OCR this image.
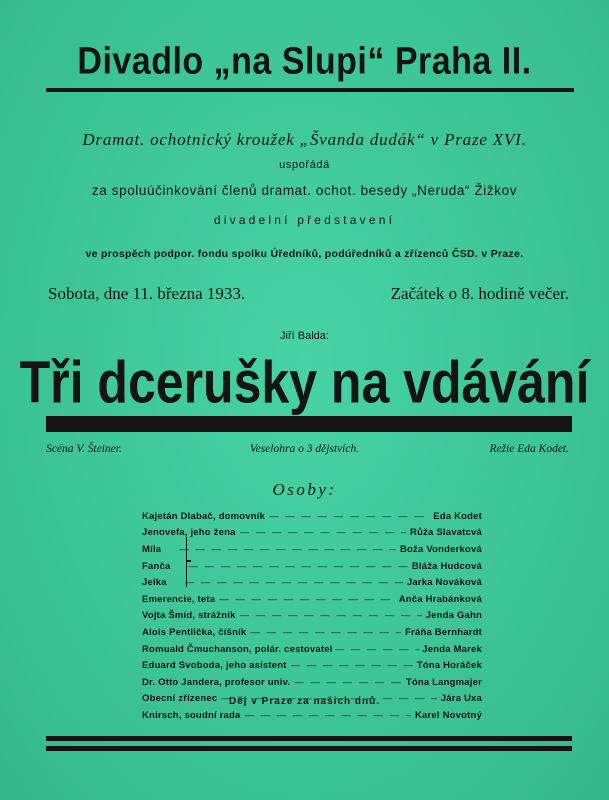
Divadlo „na Slupi“ Praha II.
Dramat. ochotnický kroužek „Švanda dudák“ v Praze XVI.
uspořádá
za spoluúčinkování členů dramat. ochot. besedy „Neruda“ Žižkov
divadelní představení
ve prospěch podpor. fondu spolku Úředníků, podúředníků a zřízenců ČSD. v Praze.
Sobota, dne 11. března 1933.	Začátek o 8. hodině večer.
Jiří Balda:
Tři dcerušky na vdávání
Scéna V. Šteiner.	Veselohra o 3 dějstvích.	Režie Eda Kodet.
Osoby:
Kajetán Dlabač, domovník — — —	Eda Kodet
Jenovefa, jeho žena — — —	Růža Slavatcvá
Míla — — —	Boža Vonderková
Fanča — — —	Bláža Hudcová
Jelka — — —	Jarka Nováková
Emerencie, teta — — —	Anča Hrabánková
Vojta Šmíd, strážník — — —	Jenda Gahn
Alois Pentlička, číšník — — —	Fráňa Bernhardt
Romuald Čmuchanson, polár. cestovatel — — —	Jenda Marek
Eduard Svoboda, jeho asistent — — —	Tóna Horáček
Dr. Otto Jandera, profesor univ. — — —	Tóna Langmajer
Obecní zřízenec — — —	Jára Uxa
Knirsch, soudní rada — — —	Karel Novotný
Děj v Praze za našich dnů.
